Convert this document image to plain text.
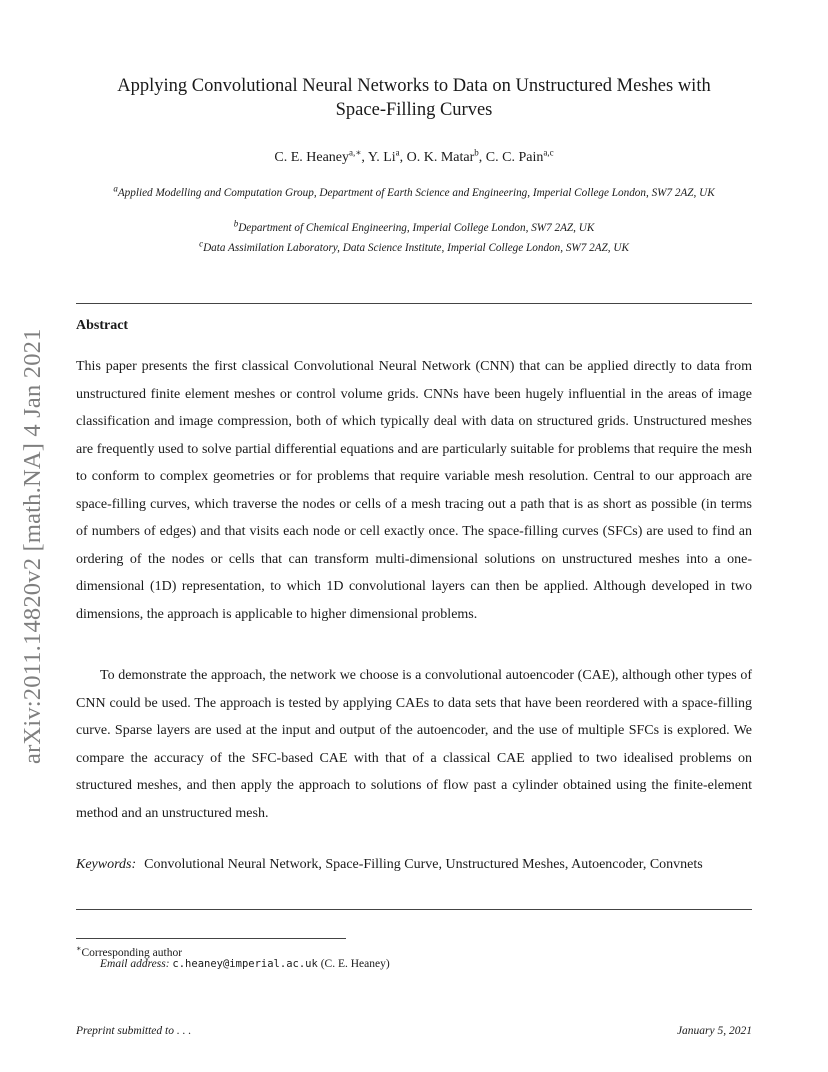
arXiv:2011.14820v2 [math.NA] 4 Jan 2021
Applying Convolutional Neural Networks to Data on Unstructured Meshes with
Space-Filling Curves
C. E. Heaney$^{a,∗}$, Y. Li$^a$, O. K. Matar$^b$, C. C. Pain$^{a,c}$
$^a$Applied Modelling and Computation Group, Department of Earth Science and Engineering, Imperial College London, SW7 2AZ, UK
$^b$Department of Chemical Engineering, Imperial College London, SW7 2AZ, UK
$^c$Data Assimilation Laboratory, Data Science Institute, Imperial College London, SW7 2AZ, UK
Abstract
This paper presents the first classical Convolutional Neural Network (CNN) that can be applied directly to data from unstructured finite element meshes or control volume grids. CNNs have been hugely influential in the areas of image classification and image compression, both of which typically deal with data on structured grids. Unstructured meshes are frequently used to solve partial differential equations and are particularly suitable for problems that require the mesh to conform to complex geometries or for problems that require variable mesh resolution. Central to our approach are space-filling curves, which traverse the nodes or cells of a mesh tracing out a path that is as short as possible (in terms of numbers of edges) and that visits each node or cell exactly once. The space-filling curves (SFCs) are used to find an ordering of the nodes or cells that can transform multi-dimensional solutions on unstructured meshes into a one-dimensional (1D) representation, to which 1D convolutional layers can then be applied. Although developed in two dimensions, the approach is applicable to higher dimensional problems.
To demonstrate the approach, the network we choose is a convolutional autoencoder (CAE), although other types of CNN could be used. The approach is tested by applying CAEs to data sets that have been reordered with a space-filling curve. Sparse layers are used at the input and output of the autoencoder, and the use of multiple SFCs is explored. We compare the accuracy of the SFC-based CAE with that of a classical CAE applied to two idealised problems on structured meshes, and then apply the approach to solutions of flow past a cylinder obtained using the finite-element method and an unstructured mesh.
Keywords: Convolutional Neural Network, Space-Filling Curve, Unstructured Meshes, Autoencoder, Convnets
∗Corresponding author
Email address: c.heaney@imperial.ac.uk (C. E. Heaney)
Preprint submitted to . . .	January 5, 2021
